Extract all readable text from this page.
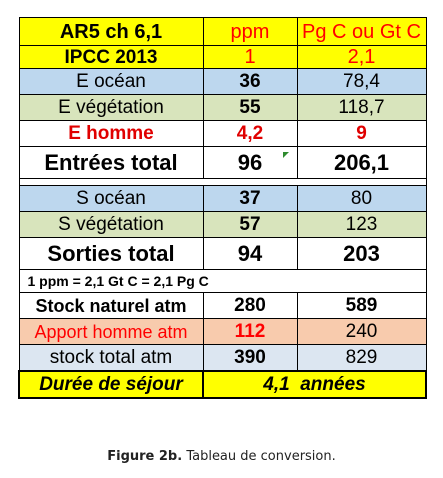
AR5 ch 6,1	ppm	Pg C ou Gt C
IPCC 2013	1	2,1
E océan	36	78,4
E végétation	55	118,7
E homme	4,2	9
Entrées total	96	206,1

S océan	37	80
S végétation	57	123
Sorties total	94	203
1 ppm = 2,1 Gt C = 2,1 Pg C		
Stock naturel atm	280	589
Apport homme atm	112	240
stock total atm	390	829
Durée de séjour	4,1  années	
Figure 2b. Tableau de conversion.
